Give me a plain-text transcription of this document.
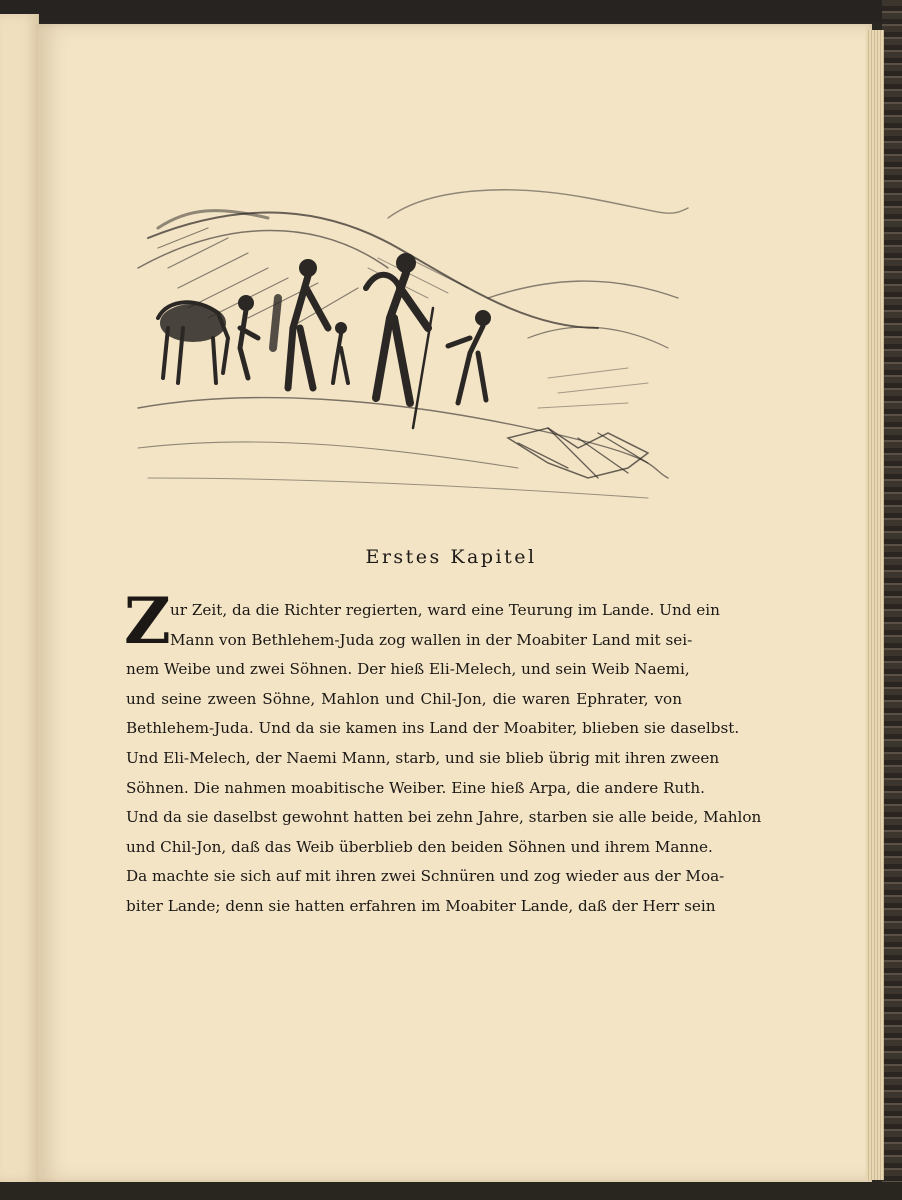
Erstes Kapitel
Z ur Zeit, da die Richter regierten, ward eine Teurung im Lande. Und ein
Mann von Bethlehem-Juda zog wallen in der Moabiter Land mit sei-
nem Weibe und zwei Söhnen. Der hieß Eli-Melech, und sein Weib Naemi,
und seine zween Söhne, Mahlon und Chil-Jon, die waren Ephrater, von
Bethlehem-Juda. Und da sie kamen ins Land der Moabiter, blieben sie daselbst.
Und Eli-Melech, der Naemi Mann, starb, und sie blieb übrig mit ihren zween
Söhnen. Die nahmen moabitische Weiber. Eine hieß Arpa, die andere Ruth.
Und da sie daselbst gewohnt hatten bei zehn Jahre, starben sie alle beide, Mahlon
und Chil-Jon, daß das Weib überblieb den beiden Söhnen und ihrem Manne.
Da machte sie sich auf mit ihren zwei Schnüren und zog wieder aus der Moa-
biter Lande; denn sie hatten erfahren im Moabiter Lande, daß der Herr sein
